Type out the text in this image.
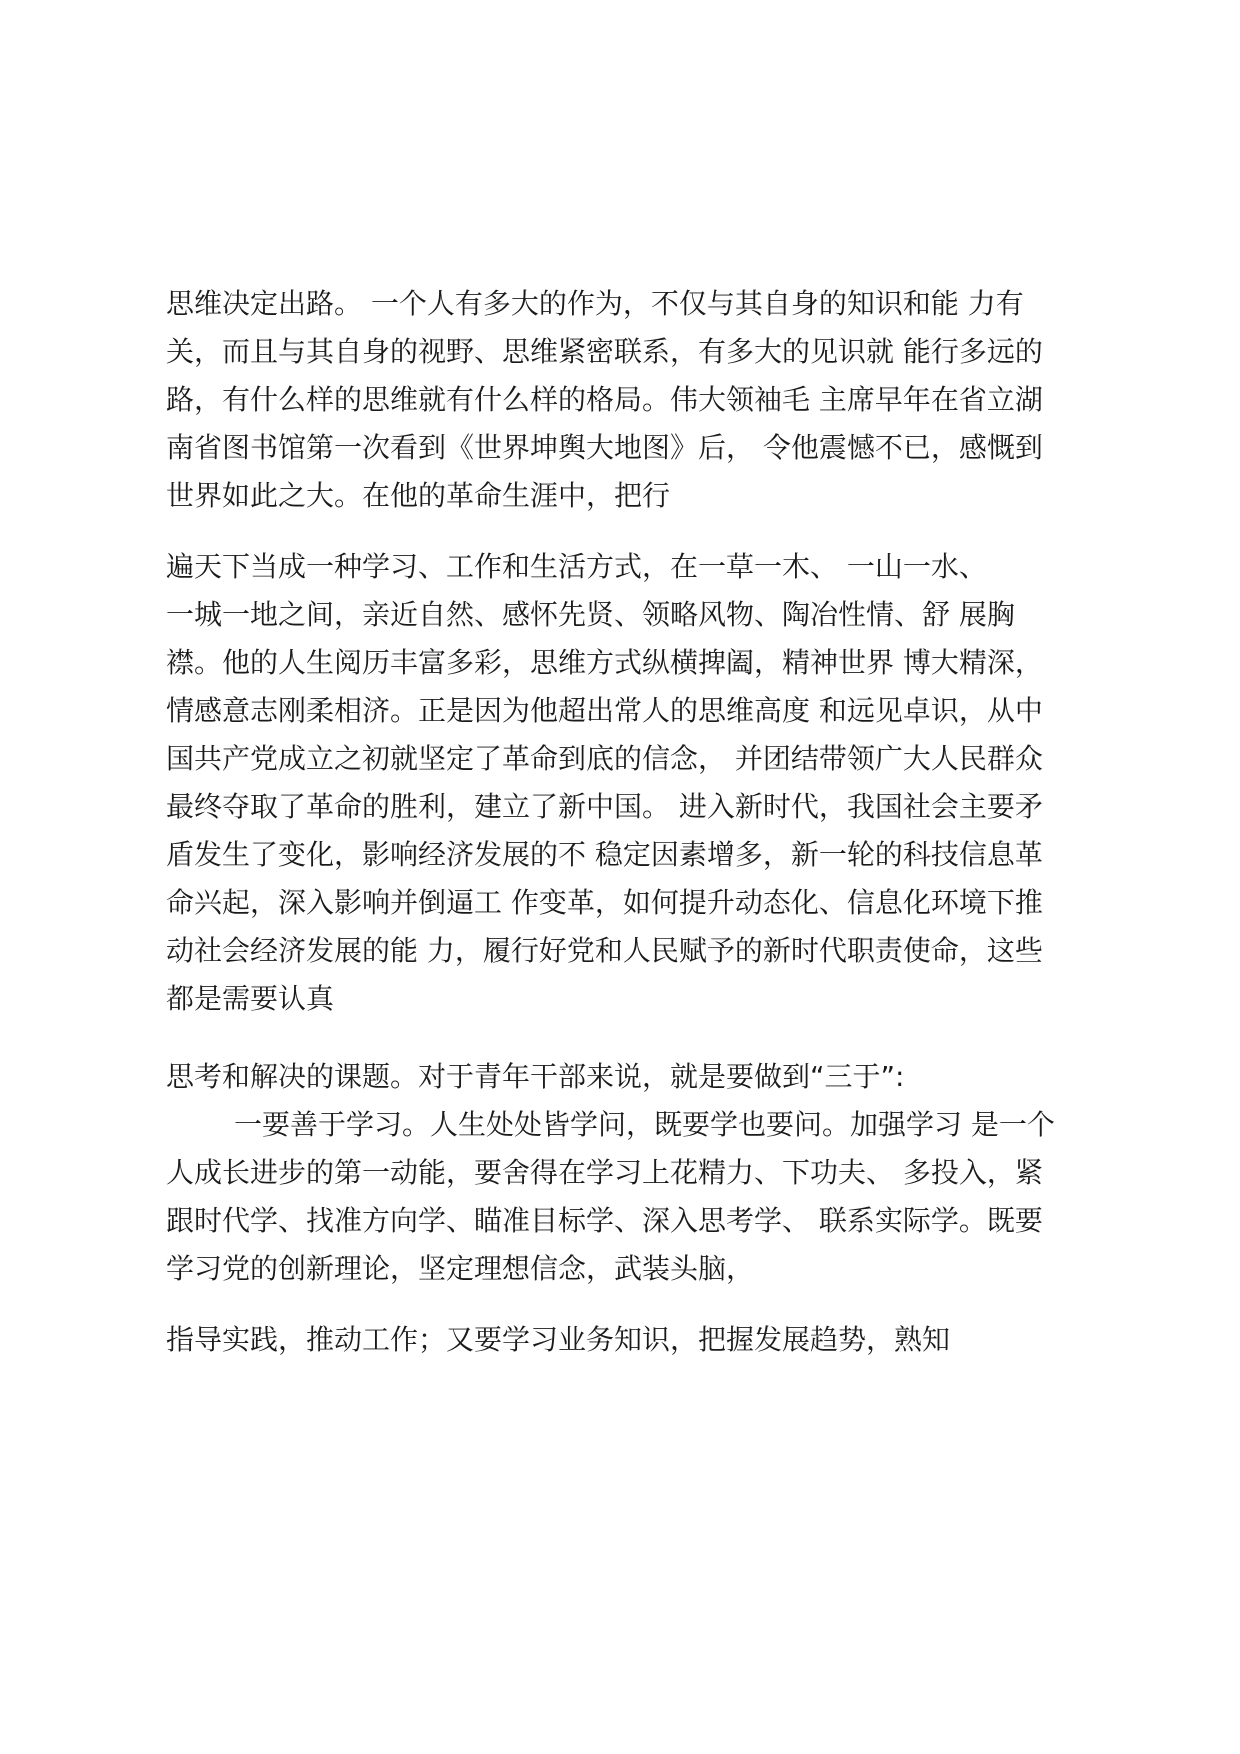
思维决定出路。 一个人有多大的作为，不仅与其自身的知识和能 力有
关，而且与其自身的视野、思维紧密联系，有多大的见识就 能行多远的
路，有什么样的思维就有什么样的格局。伟大领袖毛 主席早年在省立湖
南省图书馆第一次看到《世界坤舆大地图》后， 令他震憾不已，感慨到
世界如此之大。在他的革命生涯中，把行
遍天下当成一种学习、工作和生活方式，在一草一木、 一山一水、
一城一地之间，亲近自然、感怀先贤、领略风物、陶冶性情、舒 展胸
襟。他的人生阅历丰富多彩，思维方式纵横捭阖，精神世界 博大精深，
情感意志刚柔相济。正是因为他超出常人的思维高度 和远见卓识，从中
国共产党成立之初就坚定了革命到底的信念， 并团结带领广大人民群众
最终夺取了革命的胜利，建立了新中国。 进入新时代，我国社会主要矛
盾发生了变化，影响经济发展的不 稳定因素增多，新一轮的科技信息革
命兴起，深入影响并倒逼工 作变革，如何提升动态化、信息化环境下推
动社会经济发展的能 力，履行好党和人民赋予的新时代职责使命，这些
都是需要认真
思考和解决的课题。对于青年干部来说，就是要做到“三于”:
一要善于学习。人生处处皆学问，既要学也要问。加强学习 是一个
人成长进步的第一动能，要舍得在学习上花精力、下功夫、 多投入，紧
跟时代学、找准方向学、瞄准目标学、深入思考学、 联系实际学。既要
学习党的创新理论，坚定理想信念，武装头脑，
指导实践，推动工作；又要学习业务知识，把握发展趋势，熟知
